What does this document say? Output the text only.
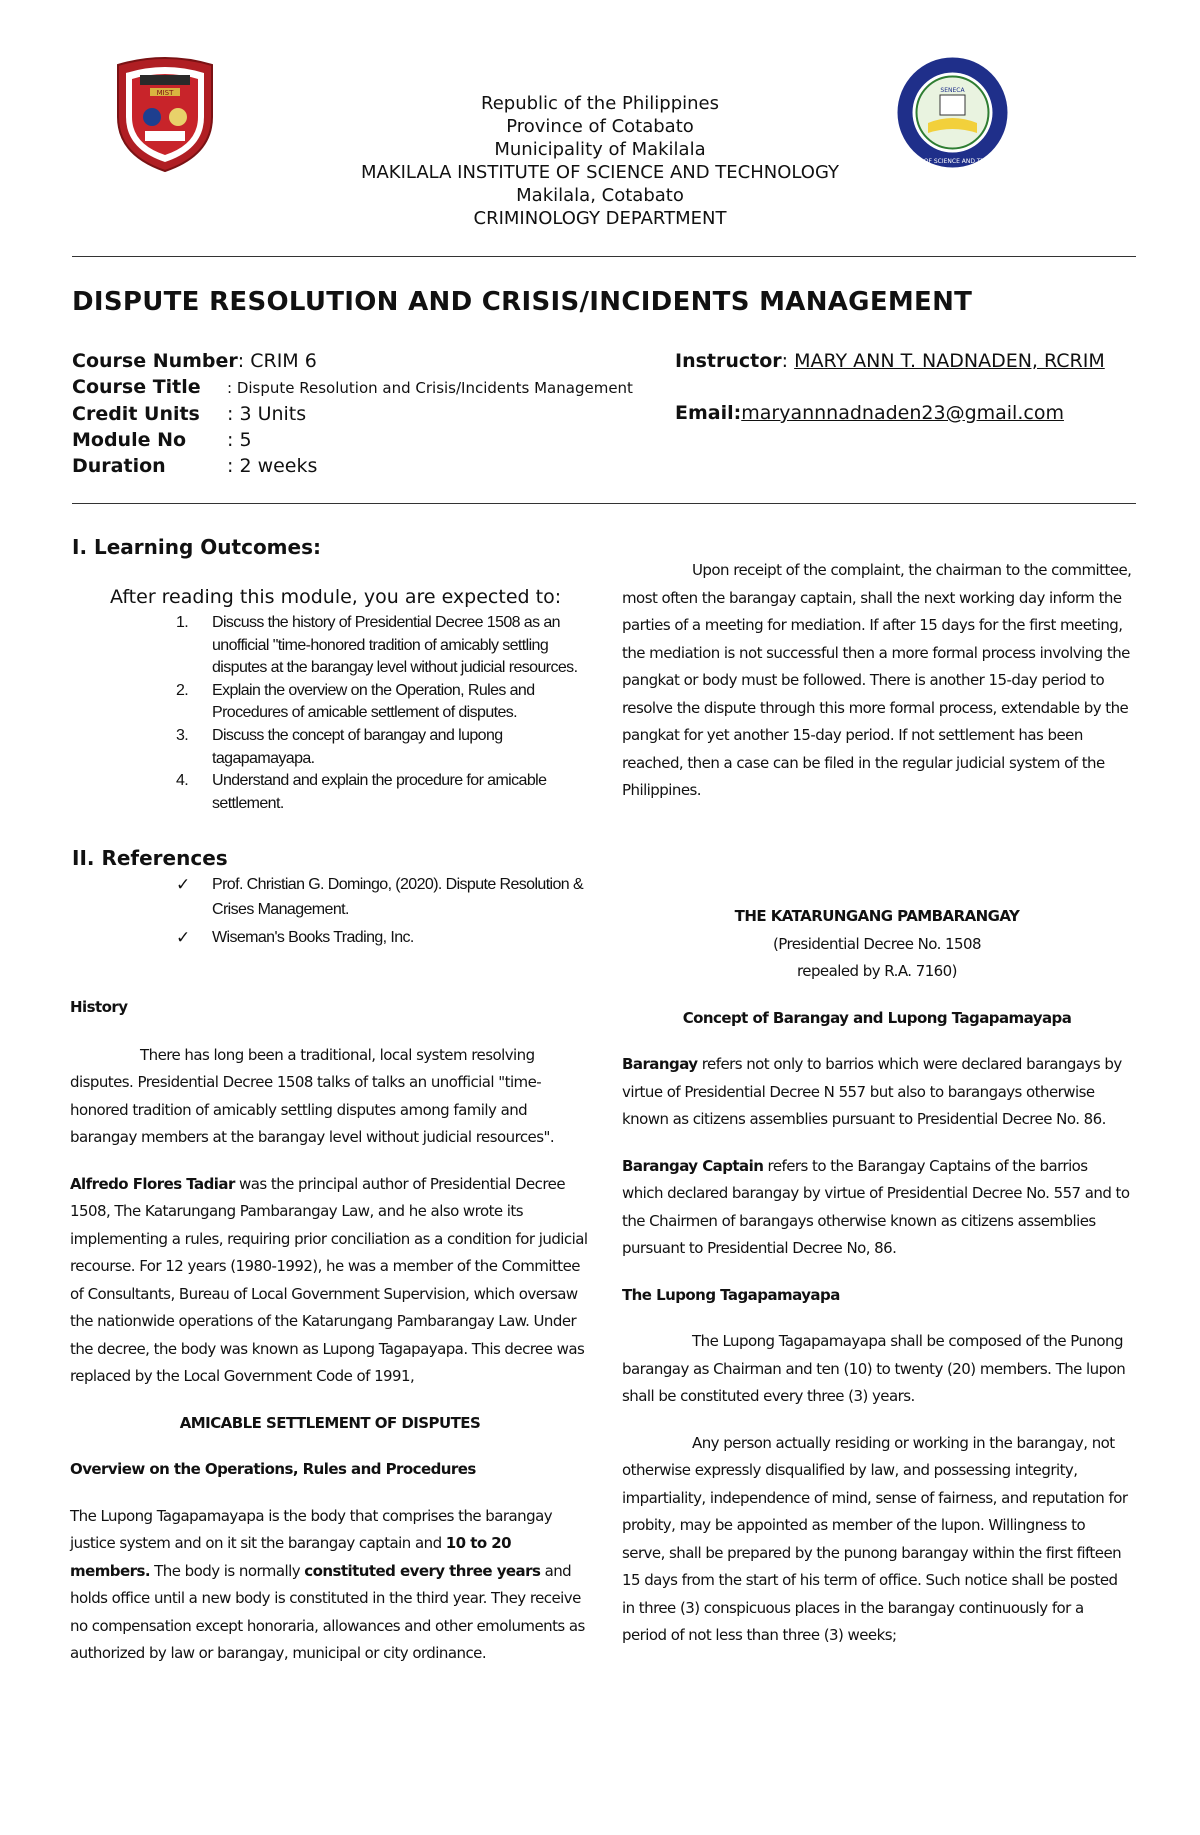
MIST	SENECA
MAKILALA INSTITUTE OF SCIENCE AND TECHNOLOGY • 2014 •
Republic of the Philippines
Province of Cotabato
Municipality of Makilala
MAKILALA INSTITUTE OF SCIENCE AND TECHNOLOGY
Makilala, Cotabato
CRIMINOLOGY DEPARTMENT
DISPUTE RESOLUTION AND CRISIS/INCIDENTS MANAGEMENT
Course Number: CRIM 6
Course Title : Dispute Resolution and Crisis/Incidents Management
Credit Units : 3 Units
Module No : 5
Duration	: 2 weeks
Instructor: MARY ANN T. NADNADEN, RCRIM
Email:maryannnadnaden23@gmail.com
I. Learning Outcomes:
After reading this module, you are expected to:
1. Discuss the history of Presidential Decree 1508 as an unofficial "time-honored tradition of amicably settling disputes at the barangay level without judicial resources.
2. Explain the overview on the Operation, Rules and Procedures of amicable settlement of disputes.
3. Discuss the concept of barangay and lupong tagapamayapa.
4. Understand and explain the procedure for amicable settlement.
II. References
✓ Prof. Christian G. Domingo, (2020). Dispute Resolution & Crises Management.
✓ Wiseman's Books Trading, Inc.

History

There has long been a traditional, local system resolving disputes. Presidential Decree 1508 talks of talks an unofficial "time-honored tradition of amicably settling disputes among family and barangay members at the barangay level without judicial resources".

Alfredo Flores Tadiar was the principal author of Presidential Decree 1508, The Katarungang Pambarangay Law, and he also wrote its implementing a rules, requiring prior conciliation as a condition for judicial recourse. For 12 years (1980-1992), he was a member of the Committee of Consultants, Bureau of Local Government Supervision, which oversaw the nationwide operations of the Katarungang Pambarangay Law. Under the decree, the body was known as Lupong Tagapayapa. This decree was replaced by the Local Government Code of 1991,

AMICABLE SETTLEMENT OF DISPUTES

Overview on the Operations, Rules and Procedures

The Lupong Tagapamayapa is the body that comprises the barangay justice system and on it sit the barangay captain and 10 to 20 members. The body is normally constituted every three years and holds office until a new body is constituted in the third year. They receive no compensation except honoraria, allowances and other emoluments as authorized by law or barangay, municipal or city ordinance.

Upon receipt of the complaint, the chairman to the committee, most often the barangay captain, shall the next working day inform the parties of a meeting for mediation. If after 15 days for the first meeting, the mediation is not successful then a more formal process involving the pangkat or body must be followed. There is another 15-day period to resolve the dispute through this more formal process, extendable by the pangkat for yet another 15-day period. If not settlement has been reached, then a case can be filed in the regular judicial system of the Philippines.

THE KATARUNGANG PAMBARANGAY

(Presidential Decree No. 1508

repealed by R.A. 7160)

Concept of Barangay and Lupong Tagapamayapa

Barangay refers not only to barrios which were declared barangays by virtue of Presidential Decree N 557 but also to barangays otherwise known as citizens assemblies pursuant to Presidential Decree No. 86.

Barangay Captain refers to the Barangay Captains of the barrios which declared barangay by virtue of Presidential Decree No. 557 and to the Chairmen of barangays otherwise known as citizens assemblies pursuant to Presidential Decree No, 86.

The Lupong Tagapamayapa

The Lupong Tagapamayapa shall be composed of the Punong barangay as Chairman and ten (10) to twenty (20) members. The lupon shall be constituted every three (3) years.

Any person actually residing or working in the barangay, not otherwise expressly disqualified by law, and possessing integrity, impartiality, independence of mind, sense of fairness, and reputation for probity, may be appointed as member of the lupon. Willingness to serve, shall be prepared by the punong barangay within the first fifteen 15 days from the start of his term of office. Such notice shall be posted in three (3) conspicuous places in the barangay continuously for a period of not less than three (3) weeks;
